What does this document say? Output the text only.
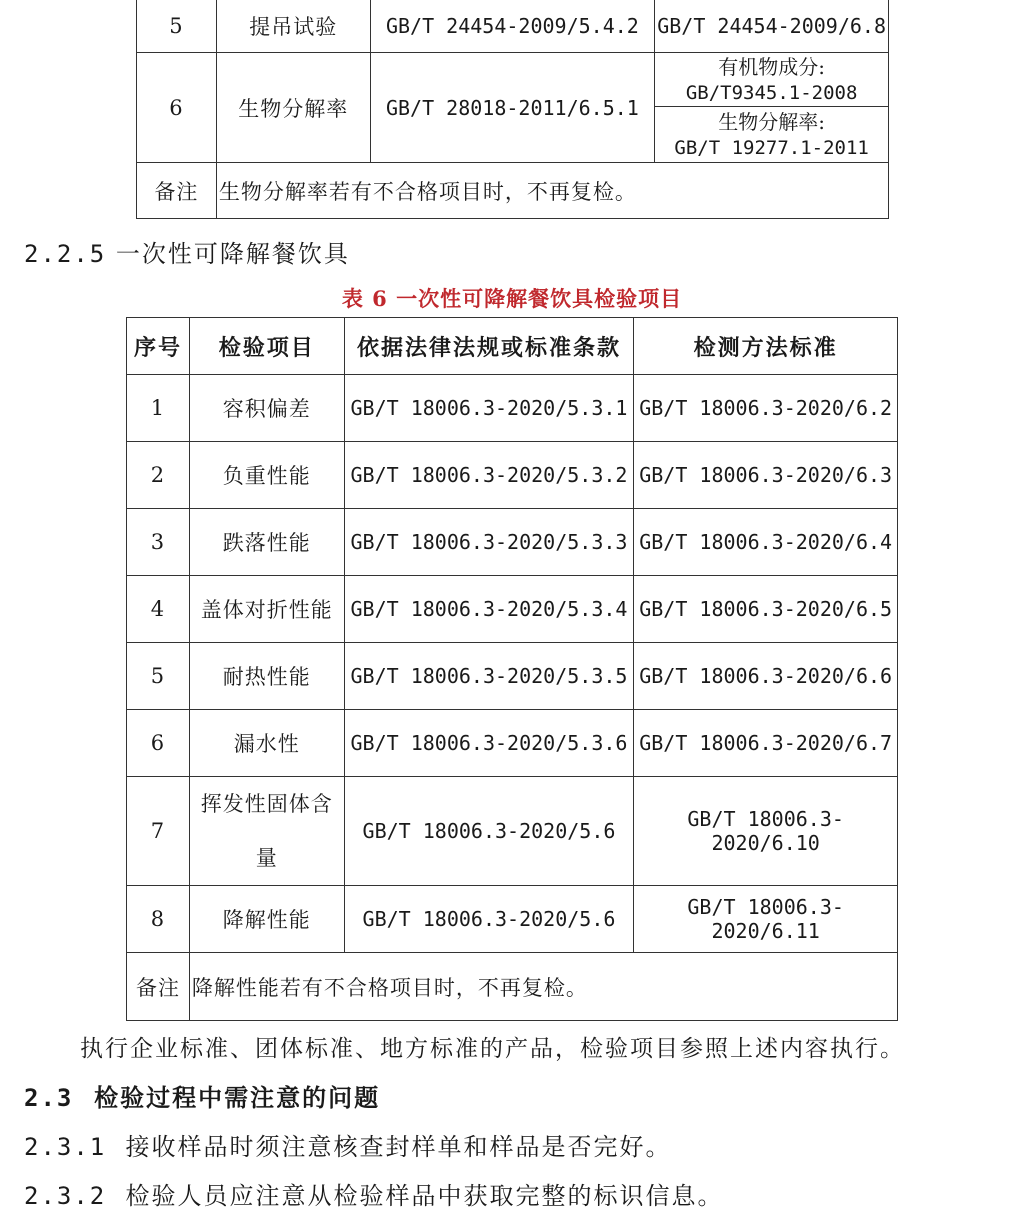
5	提吊试验	GB/T 24454-2009/5.4.2	GB/T 24454-2009/6.8
6	生物分解率	GB/T 28018-2011/6.5.1	有机物成分:
GB/T9345.1-2008

			生物分解率:
GB/T 19277.1-2011

备注	生物分解率若有不合格项目时，不再复检。		
2.2.5 一次性可降解餐饮具
表 6 一次性可降解餐饮具检验项目
序号	检验项目	依据法律法规或标准条款	检测方法标准
1	容积偏差	GB/T 18006.3-2020/5.3.1	GB/T 18006.3-2020/6.2
2	负重性能	GB/T 18006.3-2020/5.3.2	GB/T 18006.3-2020/6.3
3	跌落性能	GB/T 18006.3-2020/5.3.3	GB/T 18006.3-2020/6.4
4	盖体对折性能	GB/T 18006.3-2020/5.3.4	GB/T 18006.3-2020/6.5
5	耐热性能	GB/T 18006.3-2020/5.3.5	GB/T 18006.3-2020/6.6
6	漏水性	GB/T 18006.3-2020/5.3.6	GB/T 18006.3-2020/6.7
7	挥发性固体含
量	GB/T 18006.3-2020/5.6	GB/T 18006.3-2020/6.10
8	降解性能	GB/T 18006.3-2020/5.6	GB/T 18006.3-2020/6.11
备注	降解性能若有不合格项目时，不再复检。		
执行企业标准、团体标准、地方标准的产品，检验项目参照上述内容执行。
2.3 检验过程中需注意的问题
2.3.1 接收样品时须注意核查封样单和样品是否完好。
2.3.2 检验人员应注意从检验样品中获取完整的标识信息。
